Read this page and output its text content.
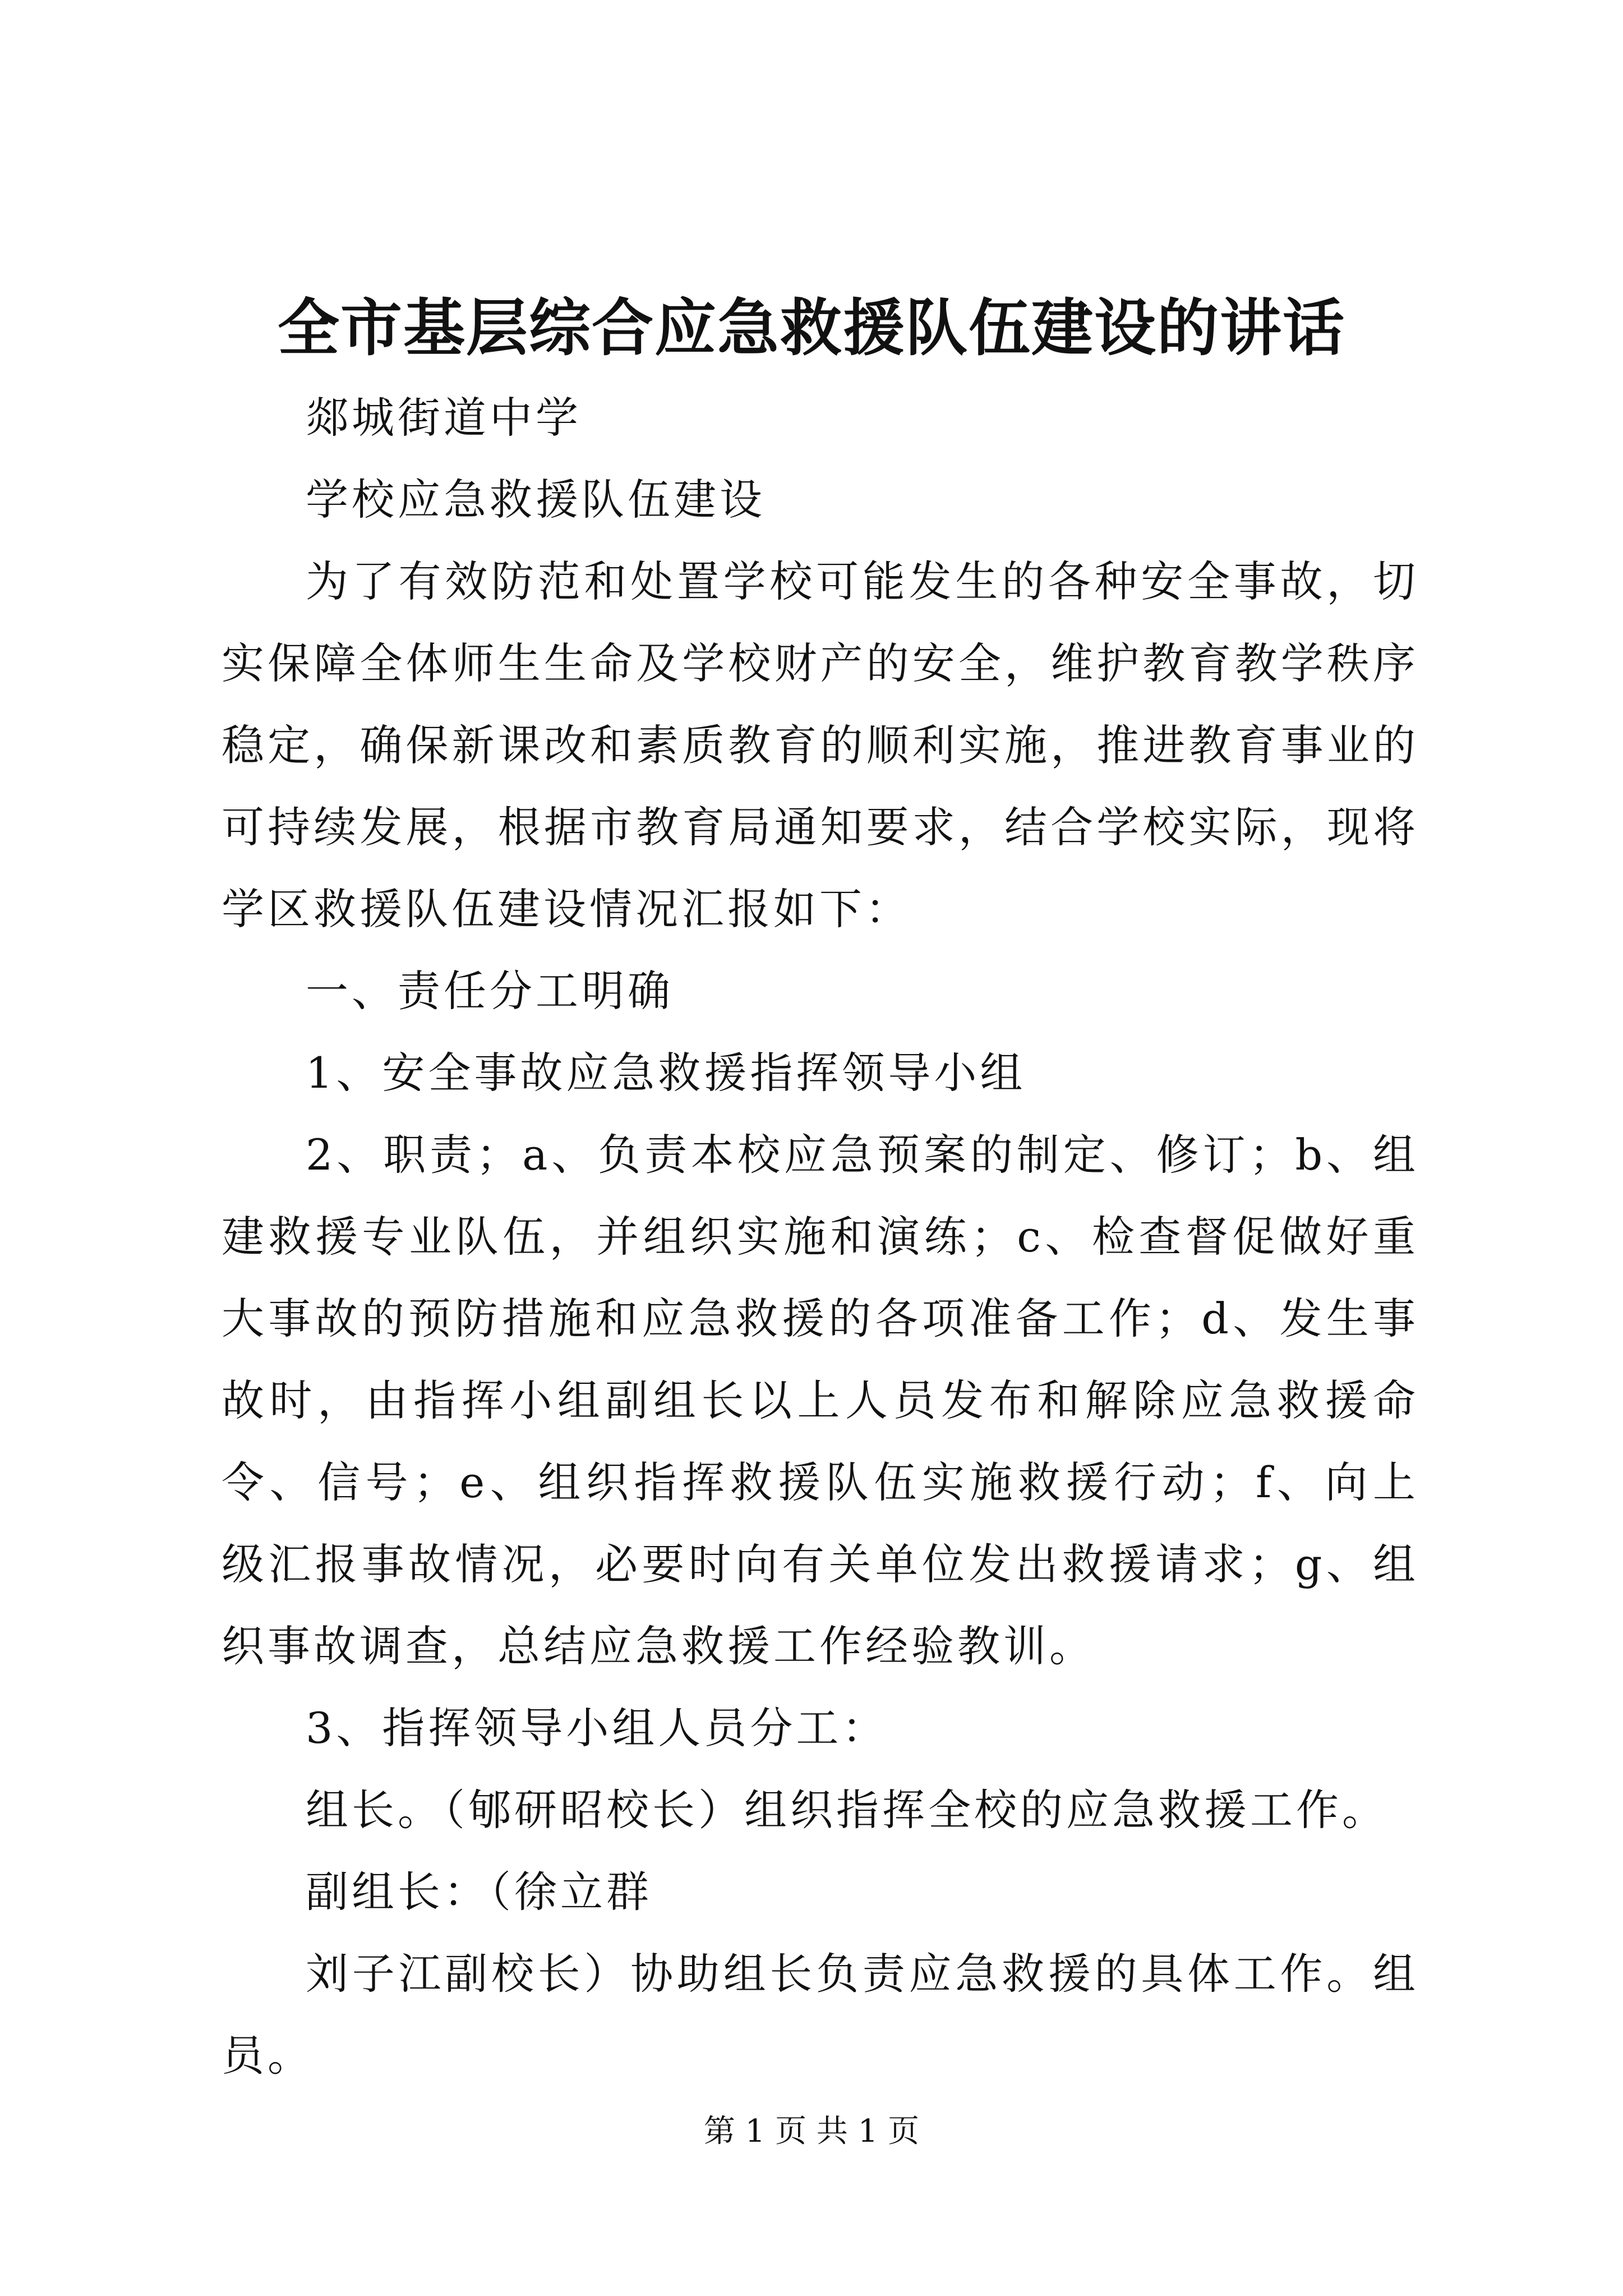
全市基层综合应急救援队伍建设的讲话

郯城街道中学

学校应急救援队伍建设

为了有效防范和处置学校可能发生的各种安全事故，切实保障全体师生生命及学校财产的安全，维护教育教学秩序稳定，确保新课改和素质教育的顺利实施，推进教育事业的可持续发展，根据市教育局通知要求，结合学校实际，现将学区救援队伍建设情况汇报如下：

一、责任分工明确

1、安全事故应急救援指挥领导小组

2、职责；a、负责本校应急预案的制定、修订；b、组建救援专业队伍，并组织实施和演练；c、检查督促做好重大事故的预防措施和应急救援的各项准备工作；d、发生事故时，由指挥小组副组长以上人员发布和解除应急救援命令、信号；e、组织指挥救援队伍实施救援行动；f、向上级汇报事故情况，必要时向有关单位发出救援请求；g、组织事故调查，总结应急救援工作经验教训。

3、指挥领导小组人员分工：

组长。（郇研昭校长）组织指挥全校的应急救援工作。

副组长：（徐立群

刘子江副校长）协助组长负责应急救援的具体工作。组员。

第 1 页 共 1 页
